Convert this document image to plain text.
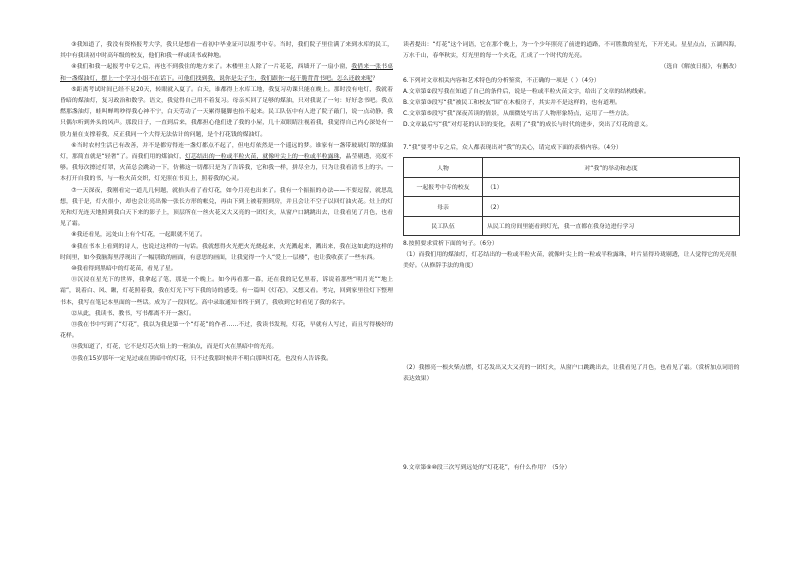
③我知道了，我没有资格报考大学，我只是想看一看初中毕业证可以报考中专。当时，我们院子里住满了来到水库的民工，其中有我读初中时高年级的校友，他们和我一样或读书或种地。

④我们和我一起报考中专之后，再也不到我住的地方来了。木楼里主人除了一片花花，西墙开了一扇小窗，我借来一张书桌和一盏煤油灯，摆上一个学习小组不在话下。可他们找到我，说你是尖子生，我们跟你一起干脆背背书吧。怎么还敢来呢？

⑤距离考试时间已经不足20天，转眼就入夏了。白天，谁都得上水库工地，我复习功课只能在晚上。那时没有电灯，我就着昏暗的煤油灯，复习政治和数学。语文，我觉得自己用不着复习。母亲买回了足够的煤油，只对我说了一句：好好念书吧。我点燃那盏油灯，蛙叫蝉鸣吵得我心神不宁，白天劳动了一天累得腿脚也抬不起来。民工队伍中有人进了院子敲门，说一点动静，我只偶尔听到外头的风声。那段日子，一直到后来，我都担心他们进了我的小屋，几十双眼睛注视着我，我觉得自己内心深处有一股力量在支撑着我，反正我同一个大得无法估计的问题，是个打花钱的煤油灯。

⑥当时农村生活已有改善，并不是都穷得连一盏灯都点不起了，但电灯依然是一个遥远的梦。谁家有一盏带玻璃灯罩的煤油灯，那简直就是“轻奢”了。而我们用的煤油灯，灯芯结出的一粒或半粒火苗，就像叶尖上的一粒或半粒露珠，晶莹剔透，亮度不够。我每次擦过灯罩，火苗总会跳动一下，仿佛这一切都只是为了告诉我，它和我一样，拼尽全力，只为让我看清书上的字。一本打开自我的书，与一粒火苗交织，灯光照在书页上，照着我的心灵。

⑦一天深夜，我刚看完一道儿几何题，就抬头看了看灯花，如今月亮也出来了。我有一个振振的办法——不要逗留，就思乱想，我于是，灯火很小，却也会让亮出像一张长方形的帐兑，再由下到上被着照到房，并且会让不空子以回灯油火花。灶上的灯光和灯光连天地照到我白天下来的影子上，顶层所在一丝火花又大又亮的一团灯火，从窗户口跳跳出去，让我看见了月色，也看见了霜。

⑧我还看见，远处山上有个灯花，一起眼就不见了。

⑨我在书本上看到的诗人，也说过这样的一句话。我就想得火光把火光烧起来，火光溅起来，溅出来，我在这如此的这样的时间里，如今我脑海里浮现出了一幅别致的画面，有意思的画面，让我觉得一个人“爱上一层楼”，也让我收获了一些东西。

⑩我看得到黑暗中的灯花苗，看见了星。

⑪沉浸在星光下的世界，我拿起了笔，那是一个晚上。如今再看那一幕，还在我的记忆里着，诉说着那些“明月光”“地上霜”，说着白、风、瞅，灯花照着我，我在灯光下写下我的诗的感受。有一篇叫《灯花》，又想又看。考完，回到家里往灯下整理书本，我写在笔记本里面的一些话。成为了一段回忆。高中录取通知书终于到了，我收到它时看见了我的名字。

⑫从此，我读书、教书，写书都离不开一盏灯。

⑬我在书中写到了“灯花”，我以为我是第一个“灯花”的作者……不过，我读书发现，灯花，早就有人写过，而且写得极好的花样。

⑭我知道了，灯花，它不是灯芯火焰上的一粒油点，而是灯火在黑暗中的光亮。

⑮我在15岁那年一定见过或在黑暗中的灯花，只不过我那时候并不明白那叫灯花，也没有人告诉我。

读者提出：“灯花”这个词语，它在那个晚上，为一个少年照亮了前进的道路，不可胜数的星光，下开光灵。星星点点，五湖四海，万水千山，春华秋实，灯光里的每一个火花，汇成了一个时代的光亮。

（选自《解放日报》，有删改）

6.下列对文章相关内容和艺术特色的分析鉴赏，不正确的一项是（ ）（4分）

A.文章第②段写我在知道了自己的条件后，说是一粒或半粒火苗文字，给出了文章的结构线索。

B.文章第③段写“我”被民工和校友“围”在木板房子，其实并不是这样的，也有道理。

C.文章第⑤段写“我”深夜苦读的情景，从细微处写出了人物形象特点，运用了一些方法。

D.文章最后写“我”对灯花的认识的变化，表明了“我”的成长与时代的进步，突出了灯花的意义。

7.“我”要考中专之后，众人都表现出对“我”的关心，请完成下面的表格内容。（4分）

人物	对“我”的举动和态度
一起报考中专的校友	（1）
母亲	（2）
民工队伍	从民工的房间里能看到灯光，我一直都在我身边进行学习

8.按照要求赏析下面的句子。（6分）

（1）而我们用的煤油灯，灯芯结出的一粒或半粒火苗，就像叶尖上的一粒或半粒露珠，叶片显得玲珑剔透，让人觉得它的光亮很美好。（从修辞手法的角度）

（2）我擦亮一根火柴点燃，灯芯发出又大又亮的一团灯火，从窗户口跳跳出去，让我看见了月色，也看见了霜。（赏析加点词语的表达效果）

9.文章第⑨⑩段三次写到远处的“灯花花”，有什么作用？（5分）
